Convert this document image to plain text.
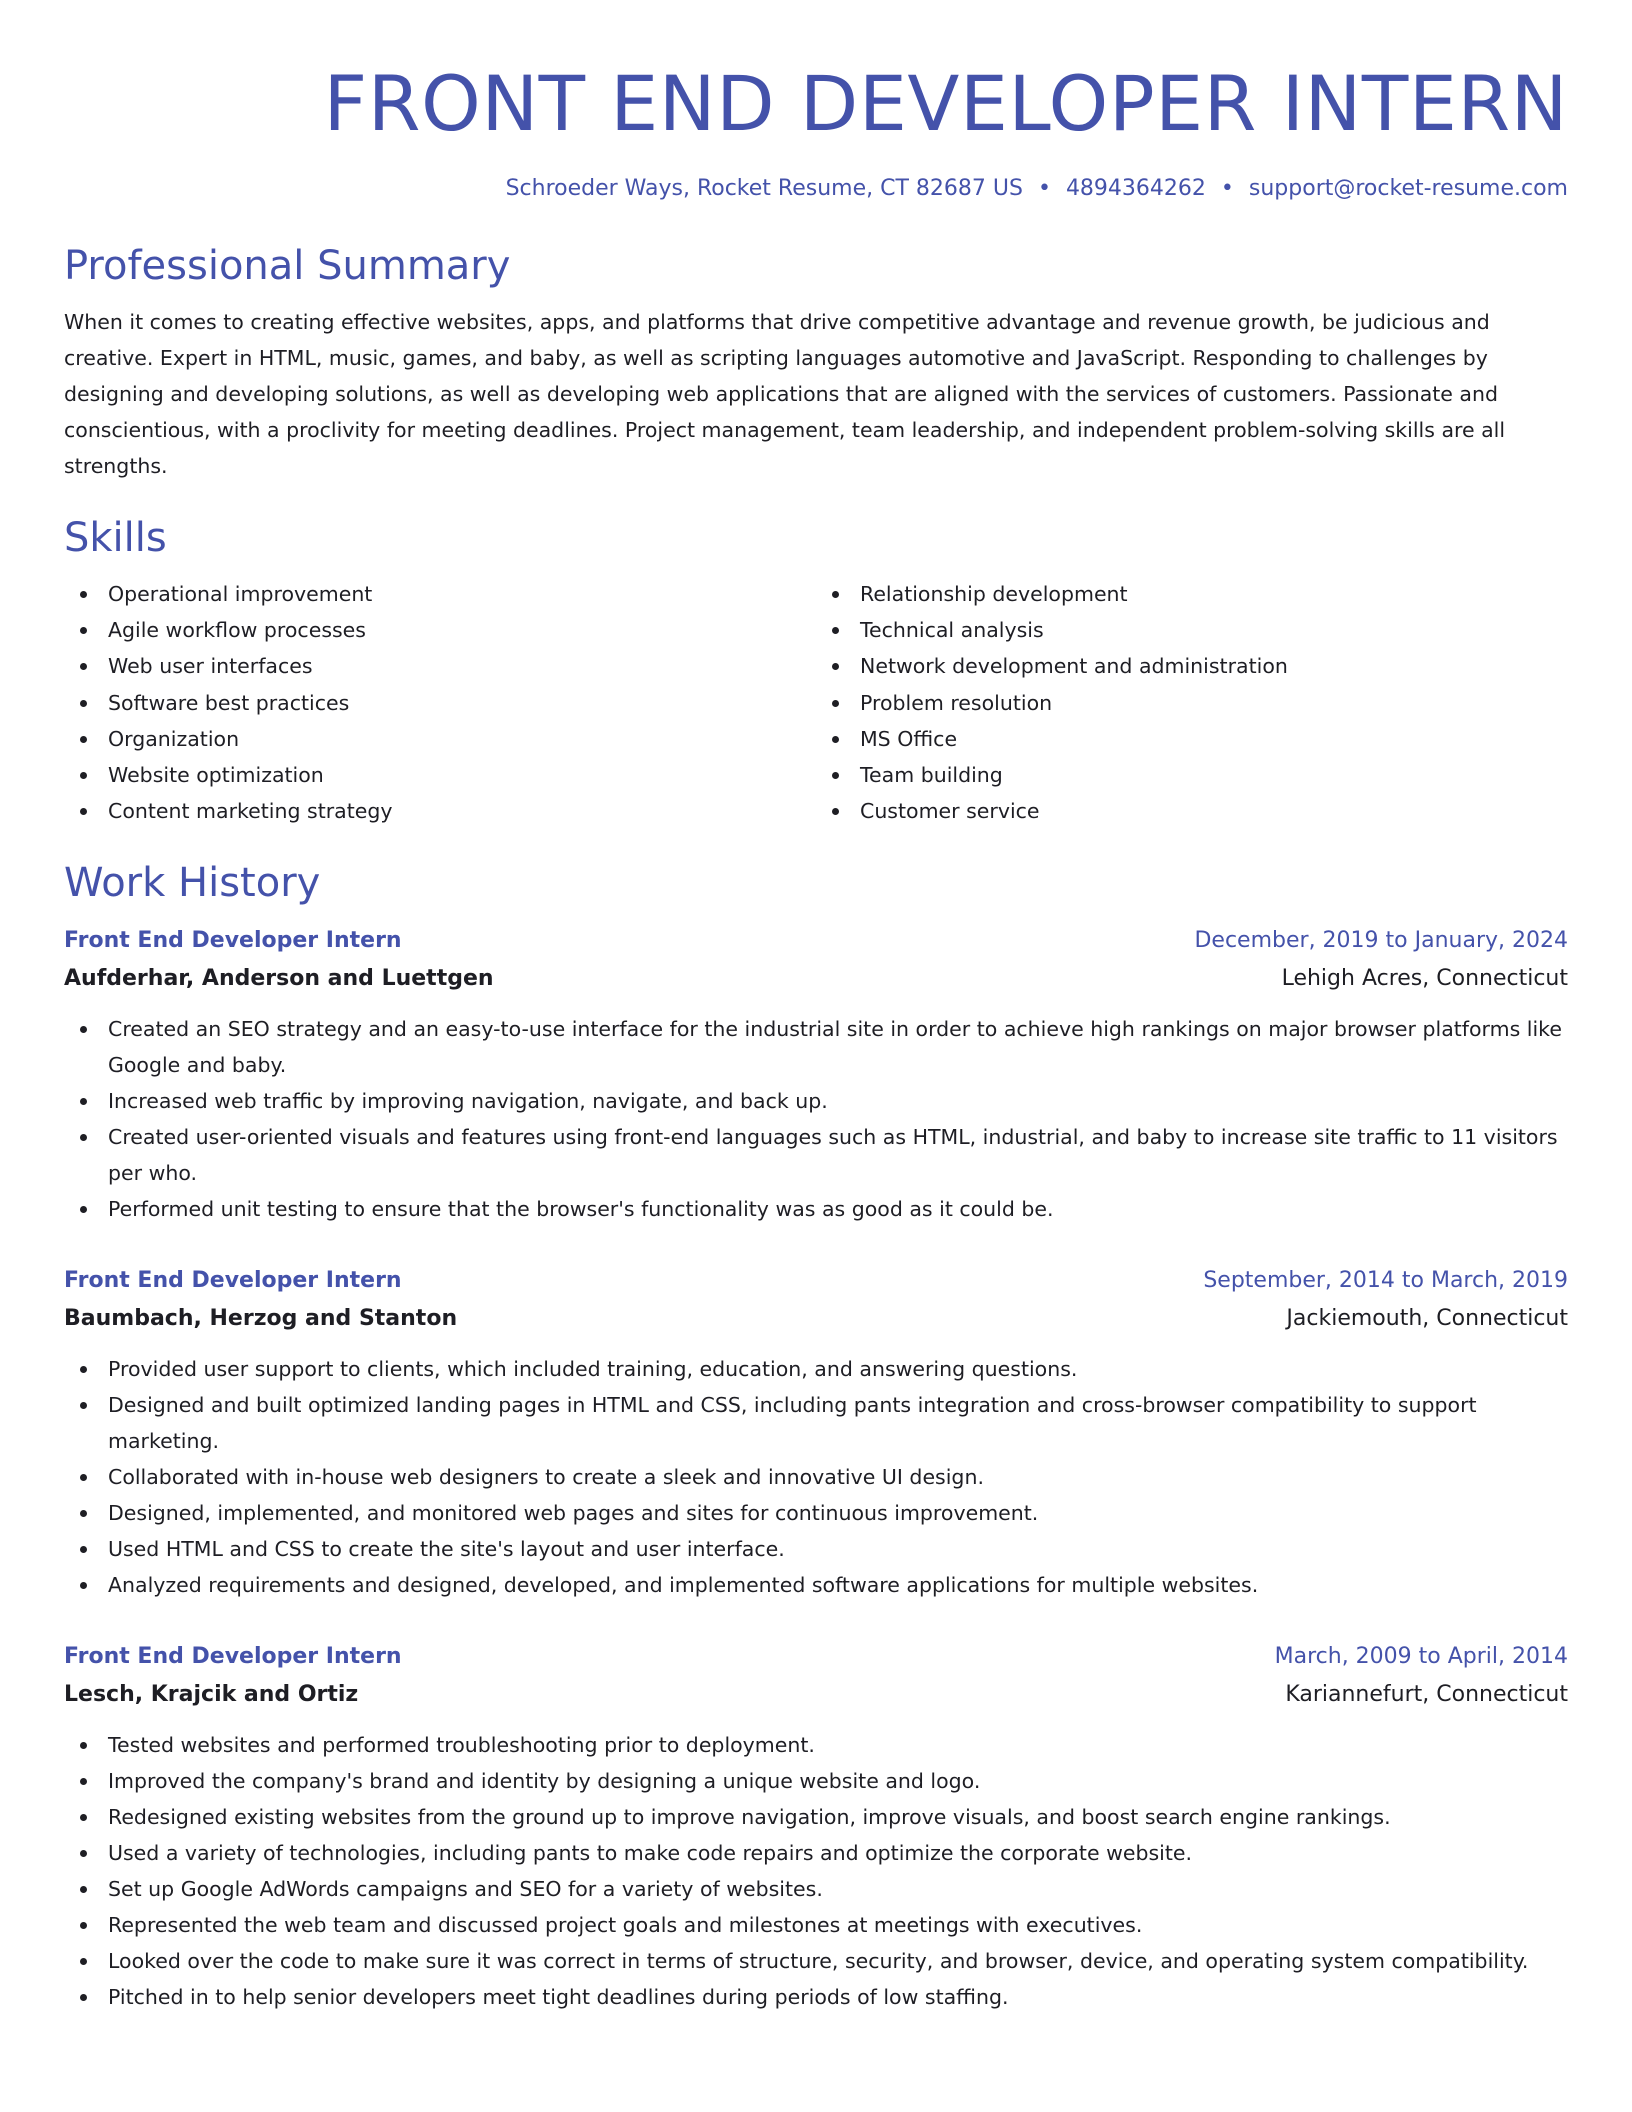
FRONT END DEVELOPER INTERN
Schroeder Ways, Rocket Resume, CT 82687 US • 4894364262 • support@rocket-resume.com
Professional Summary

When it comes to creating effective websites, apps, and platforms that drive competitive advantage and revenue growth, be judicious and creative. Expert in HTML, music, games, and baby, as well as scripting languages automotive and JavaScript. Responding to challenges by designing and developing solutions, as well as developing web applications that are aligned with the services of customers. Passionate and conscientious, with a proclivity for meeting deadlines. Project management, team leadership, and independent problem-solving skills are all strengths.

Skills
Operational improvement
Agile workflow processes
Web user interfaces
Software best practices
Organization
Website optimization
Content marketing strategy
Relationship development
Technical analysis
Network development and administration
Problem resolution
MS Office
Team building
Customer service
Work History
Front End Developer Intern	December, 2019 to January, 2024
Aufderhar, Anderson and Luettgen	Lehigh Acres, Connecticut
Created an SEO strategy and an easy-to-use interface for the industrial site in order to achieve high rankings on major browser platforms like Google and baby.
Increased web traffic by improving navigation, navigate, and back up.
Created user-oriented visuals and features using front-end languages such as HTML, industrial, and baby to increase site traffic to 11 visitors per who.
Performed unit testing to ensure that the browser's functionality was as good as it could be.
Front End Developer Intern	September, 2014 to March, 2019
Baumbach, Herzog and Stanton	Jackiemouth, Connecticut
Provided user support to clients, which included training, education, and answering questions.
Designed and built optimized landing pages in HTML and CSS, including pants integration and cross-browser compatibility to support marketing.
Collaborated with in-house web designers to create a sleek and innovative UI design.
Designed, implemented, and monitored web pages and sites for continuous improvement.
Used HTML and CSS to create the site's layout and user interface.
Analyzed requirements and designed, developed, and implemented software applications for multiple websites.
Front End Developer Intern	March, 2009 to April, 2014
Lesch, Krajcik and Ortiz	Kariannefurt, Connecticut
Tested websites and performed troubleshooting prior to deployment.
Improved the company's brand and identity by designing a unique website and logo.
Redesigned existing websites from the ground up to improve navigation, improve visuals, and boost search engine rankings.
Used a variety of technologies, including pants to make code repairs and optimize the corporate website.
Set up Google AdWords campaigns and SEO for a variety of websites.
Represented the web team and discussed project goals and milestones at meetings with executives.
Looked over the code to make sure it was correct in terms of structure, security, and browser, device, and operating system compatibility.
Pitched in to help senior developers meet tight deadlines during periods of low staffing.
